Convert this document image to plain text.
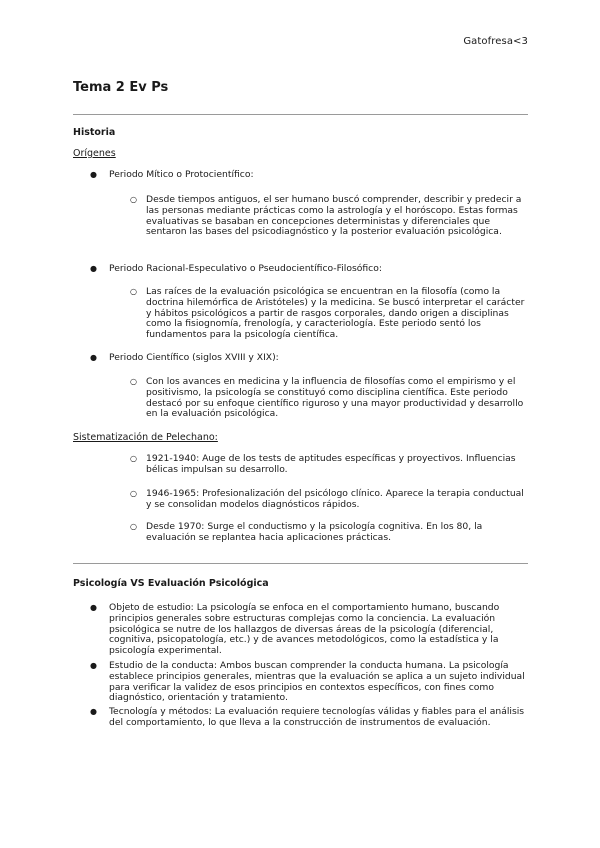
Gatofresa<3
Tema 2 Ev Ps
Historia
Orígenes
●	Periodo Mítico o Protocientífico:

○ Desde tiempos antiguos, el ser humano buscó comprender, describir y predecir a las personas mediante prácticas como la astrología y el horóscopo. Estas formas evaluativas se basaban en concepciones deterministas y diferenciales que sentaron las bases del psicodiagnóstico y la posterior evaluación psicológica.

●	Periodo Racional-Especulativo o Pseudocientífico-Filosófico:

○ Las raíces de la evaluación psicológica se encuentran en la filosofía (como la doctrina hilemórfica de Aristóteles) y la medicina. Se buscó interpretar el carácter y hábitos psicológicos a partir de rasgos corporales, dando origen a disciplinas como la fisiognomía, frenología, y caracteriología. Este periodo sentó los fundamentos para la psicología científica.

●	Periodo Científico (siglos XVIII y XIX):

○ Con los avances en medicina y la influencia de filosofías como el empirismo y el positivismo, la psicología se constituyó como disciplina científica. Este periodo destacó por su enfoque científico riguroso y una mayor productividad y desarrollo en la evaluación psicológica.

Sistematización de Pelechano:
○ 1921-1940: Auge de los tests de aptitudes específicas y proyectivos. Influencias bélicas impulsan su desarrollo.

○ 1946-1965: Profesionalización del psicólogo clínico. Aparece la terapia conductual y se consolidan modelos diagnósticos rápidos.

○ Desde 1970: Surge el conductismo y la psicología cognitiva. En los 80, la evaluación se replantea hacia aplicaciones prácticas.

Psicología VS Evaluación Psicológica
●	Objeto de estudio: La psicología se enfoca en el comportamiento humano, buscando principios generales sobre estructuras complejas como la conciencia. La evaluación psicológica se nutre de los hallazgos de diversas áreas de la psicología (diferencial, cognitiva, psicopatología, etc.) y de avances metodológicos, como la estadística y la psicología experimental.

●	Estudio de la conducta: Ambos buscan comprender la conducta humana. La psicología establece principios generales, mientras que la evaluación se aplica a un sujeto individual para verificar la validez de esos principios en contextos específicos, con fines como diagnóstico, orientación y tratamiento.

●	Tecnología y métodos: La evaluación requiere tecnologías válidas y fiables para el análisis del comportamiento, lo que lleva a la construcción de instrumentos de evaluación.
